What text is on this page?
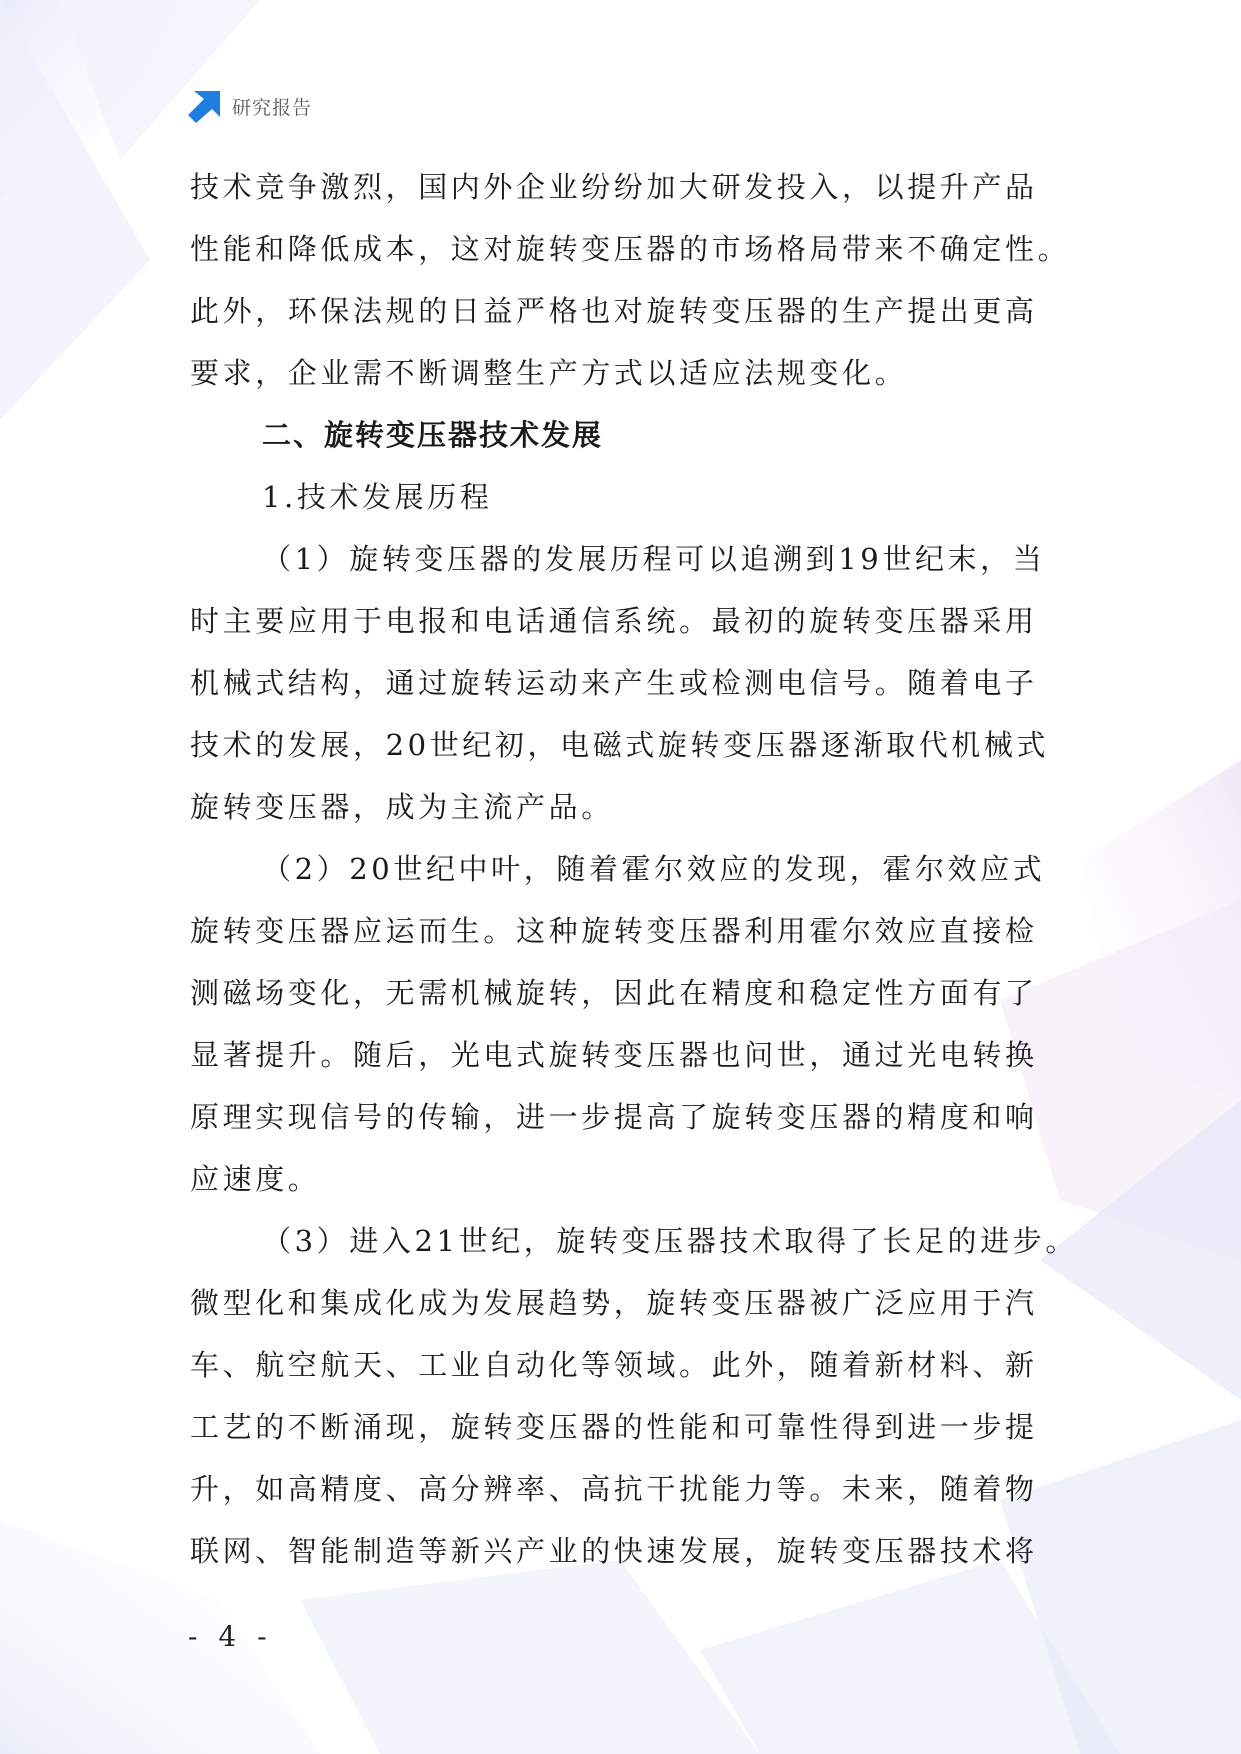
研究报告
技术竞争激烈，国内外企业纷纷加大研发投入，以提升产品
性能和降低成本，这对旋转变压器的市场格局带来不确定性。
此外，环保法规的日益严格也对旋转变压器的生产提出更高
要求，企业需不断调整生产方式以适应法规变化。
二、旋转变压器技术发展
1.技术发展历程
（1）旋转变压器的发展历程可以追溯到19世纪末，当
时主要应用于电报和电话通信系统。最初的旋转变压器采用
机械式结构，通过旋转运动来产生或检测电信号。随着电子
技术的发展，20世纪初，电磁式旋转变压器逐渐取代机械式
旋转变压器，成为主流产品。
（2）20世纪中叶，随着霍尔效应的发现，霍尔效应式
旋转变压器应运而生。这种旋转变压器利用霍尔效应直接检
测磁场变化，无需机械旋转，因此在精度和稳定性方面有了
显著提升。随后，光电式旋转变压器也问世，通过光电转换
原理实现信号的传输，进一步提高了旋转变压器的精度和响
应速度。
（3）进入21世纪，旋转变压器技术取得了长足的进步。
微型化和集成化成为发展趋势，旋转变压器被广泛应用于汽
车、航空航天、工业自动化等领域。此外，随着新材料、新
工艺的不断涌现，旋转变压器的性能和可靠性得到进一步提
升，如高精度、高分辨率、高抗干扰能力等。未来，随着物
联网、智能制造等新兴产业的快速发展，旋转变压器技术将
- 4 -
